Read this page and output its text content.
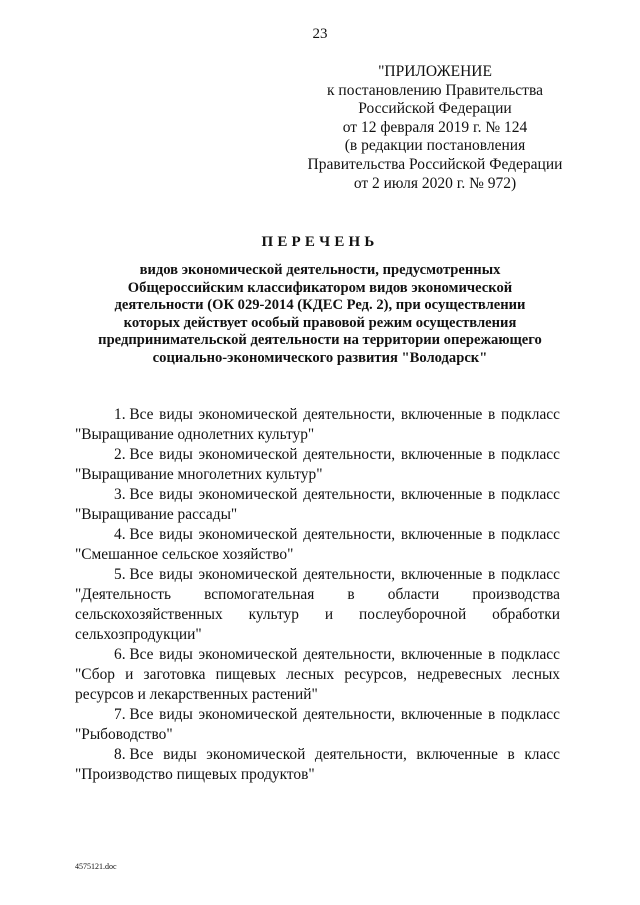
23
"ПРИЛОЖЕНИЕ
к постановлению Правительства
Российской Федерации
от 12 февраля 2019 г. № 124
(в редакции постановления
Правительства Российской Федерации
от 2 июля 2020 г. № 972)
ПЕРЕЧЕНЬ
видов экономической деятельности, предусмотренных
Общероссийским классификатором видов экономической
деятельности (ОК 029-2014 (КДЕС Ред. 2), при осуществлении
которых действует особый правовой режим осуществления
предпринимательской деятельности на территории опережающего
социально-экономического развития "Володарск"
1. Все виды экономической деятельности, включенные в подкласс
"Выращивание однолетних культур"
2. Все виды экономической деятельности, включенные в подкласс
"Выращивание многолетних культур"
3. Все виды экономической деятельности, включенные в подкласс
"Выращивание рассады"
4. Все виды экономической деятельности, включенные в подкласс
"Смешанное сельское хозяйство"
5. Все виды экономической деятельности, включенные в подкласс
"Деятельность вспомогательная в области производства
сельскохозяйственных культур и послеуборочной обработки
сельхозпродукции"
6. Все виды экономической деятельности, включенные в подкласс
"Сбор и заготовка пищевых лесных ресурсов, недревесных лесных
ресурсов и лекарственных растений"
7. Все виды экономической деятельности, включенные в подкласс
"Рыбоводство"
8. Все виды экономической деятельности, включенные в класс
"Производство пищевых продуктов"
4575121.doc
